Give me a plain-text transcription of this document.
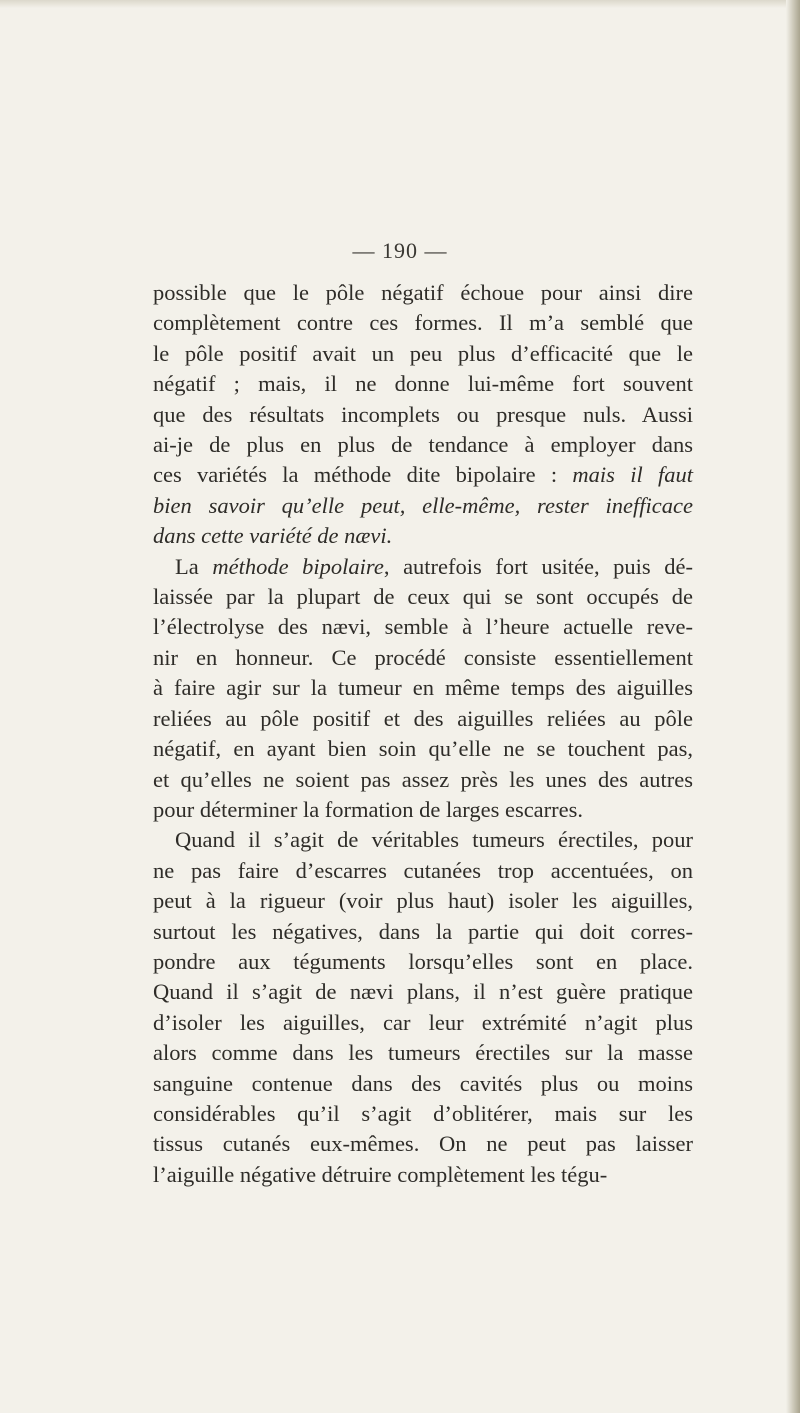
— 190 —
possible que le pôle négatif échoue pour ainsi dire
complètement contre ces formes. Il m’a semblé que
le pôle positif avait un peu plus d’efficacité que le
négatif ; mais, il ne donne lui-même fort souvent
que des résultats incomplets ou presque nuls. Aussi
ai-je de plus en plus de tendance à employer dans
ces variétés la méthode dite bipolaire : mais il faut
bien savoir qu’elle peut, elle-même, rester inefficace
dans cette variété de nævi.
La méthode bipolaire, autrefois fort usitée, puis dé-
laissée par la plupart de ceux qui se sont occupés de
l’électrolyse des nævi, semble à l’heure actuelle reve-
nir en honneur. Ce procédé consiste essentiellement
à faire agir sur la tumeur en même temps des aiguilles
reliées au pôle positif et des aiguilles reliées au pôle
négatif, en ayant bien soin qu’elle ne se touchent pas,
et qu’elles ne soient pas assez près les unes des autres
pour déterminer la formation de larges escarres.
Quand il s’agit de véritables tumeurs érectiles, pour
ne pas faire d’escarres cutanées trop accentuées, on
peut à la rigueur (voir plus haut) isoler les aiguilles,
surtout les négatives, dans la partie qui doit corres-
pondre aux téguments lorsqu’elles sont en place.
Quand il s’agit de nævi plans, il n’est guère pratique
d’isoler les aiguilles, car leur extrémité n’agit plus
alors comme dans les tumeurs érectiles sur la masse
sanguine contenue dans des cavités plus ou moins
considérables qu’il s’agit d’oblitérer, mais sur les
tissus cutanés eux-mêmes. On ne peut pas laisser
l’aiguille négative détruire complètement les tégu-
